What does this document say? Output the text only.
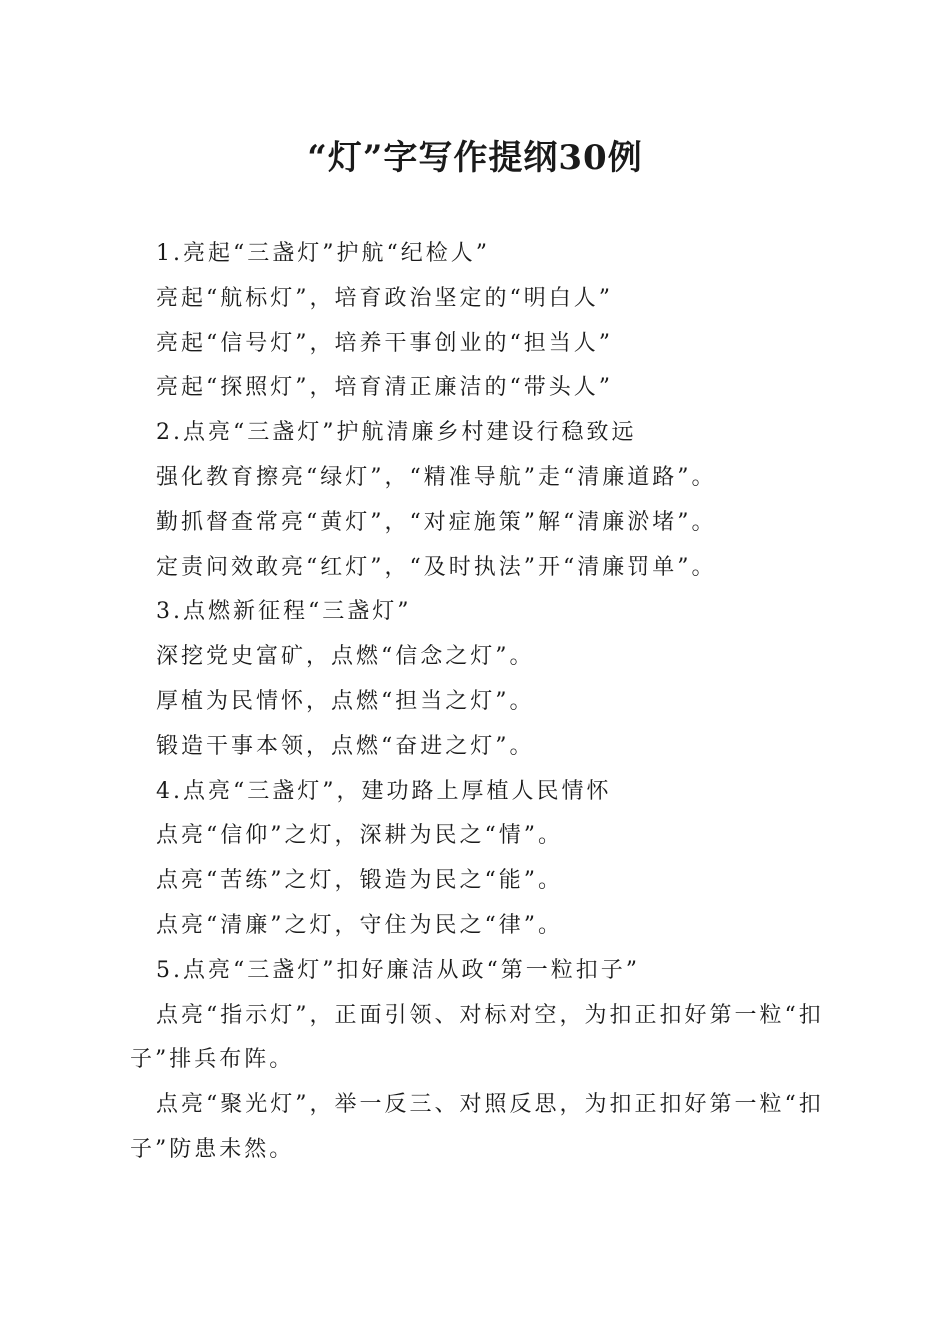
“灯”字写作提纲30例

1.亮起“三盏灯”护航“纪检人”

亮起“航标灯”，培育政治坚定的“明白人”

亮起“信号灯”，培养干事创业的“担当人”

亮起“探照灯”，培育清正廉洁的“带头人”

2.点亮“三盏灯”护航清廉乡村建设行稳致远

强化教育擦亮“绿灯”，“精准导航”走“清廉道路”。

勤抓督查常亮“黄灯”，“对症施策”解“清廉淤堵”。

定责问效敢亮“红灯”，“及时执法”开“清廉罚单”。

3.点燃新征程“三盏灯”

深挖党史富矿，点燃“信念之灯”。

厚植为民情怀，点燃“担当之灯”。

锻造干事本领，点燃“奋进之灯”。

4.点亮“三盏灯”，建功路上厚植人民情怀

点亮“信仰”之灯，深耕为民之“情”。

点亮“苦练”之灯，锻造为民之“能”。

点亮“清廉”之灯，守住为民之“律”。

5.点亮“三盏灯”扣好廉洁从政“第一粒扣子”

点亮“指示灯”，正面引领、对标对空，为扣正扣好第一粒“扣子”排兵布阵。

点亮“聚光灯”，举一反三、对照反思，为扣正扣好第一粒“扣子”防患未然。
